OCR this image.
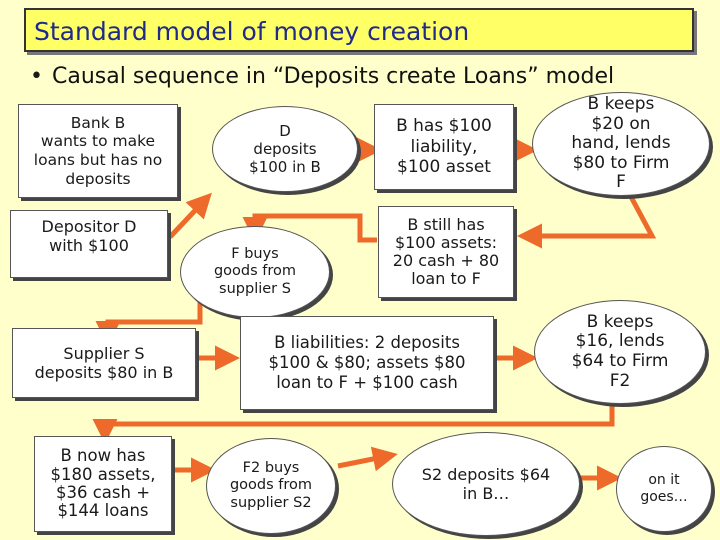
Standard model of money creation
• Causal sequence in “Deposits create Loans” model
Bank B
wants to make
loans but has no
deposits
Depositor D
with $100
D
deposits
$100 in B
B has $100
liability,
$100 asset
B keeps
$20 on
hand, lends
$80 to Firm
F
F buys
goods from
supplier S
B still has
$100 assets:
20 cash + 80
loan to F
Supplier S
deposits $80 in B
B liabilities: 2 deposits
$100 & $80; assets $80
loan to F + $100 cash
B keeps
$16, lends
$64 to Firm
F2
B now has
$180 assets,
$36 cash +
$144 loans
F2 buys
goods from
supplier S2
S2 deposits $64
in B…
on it
goes…
